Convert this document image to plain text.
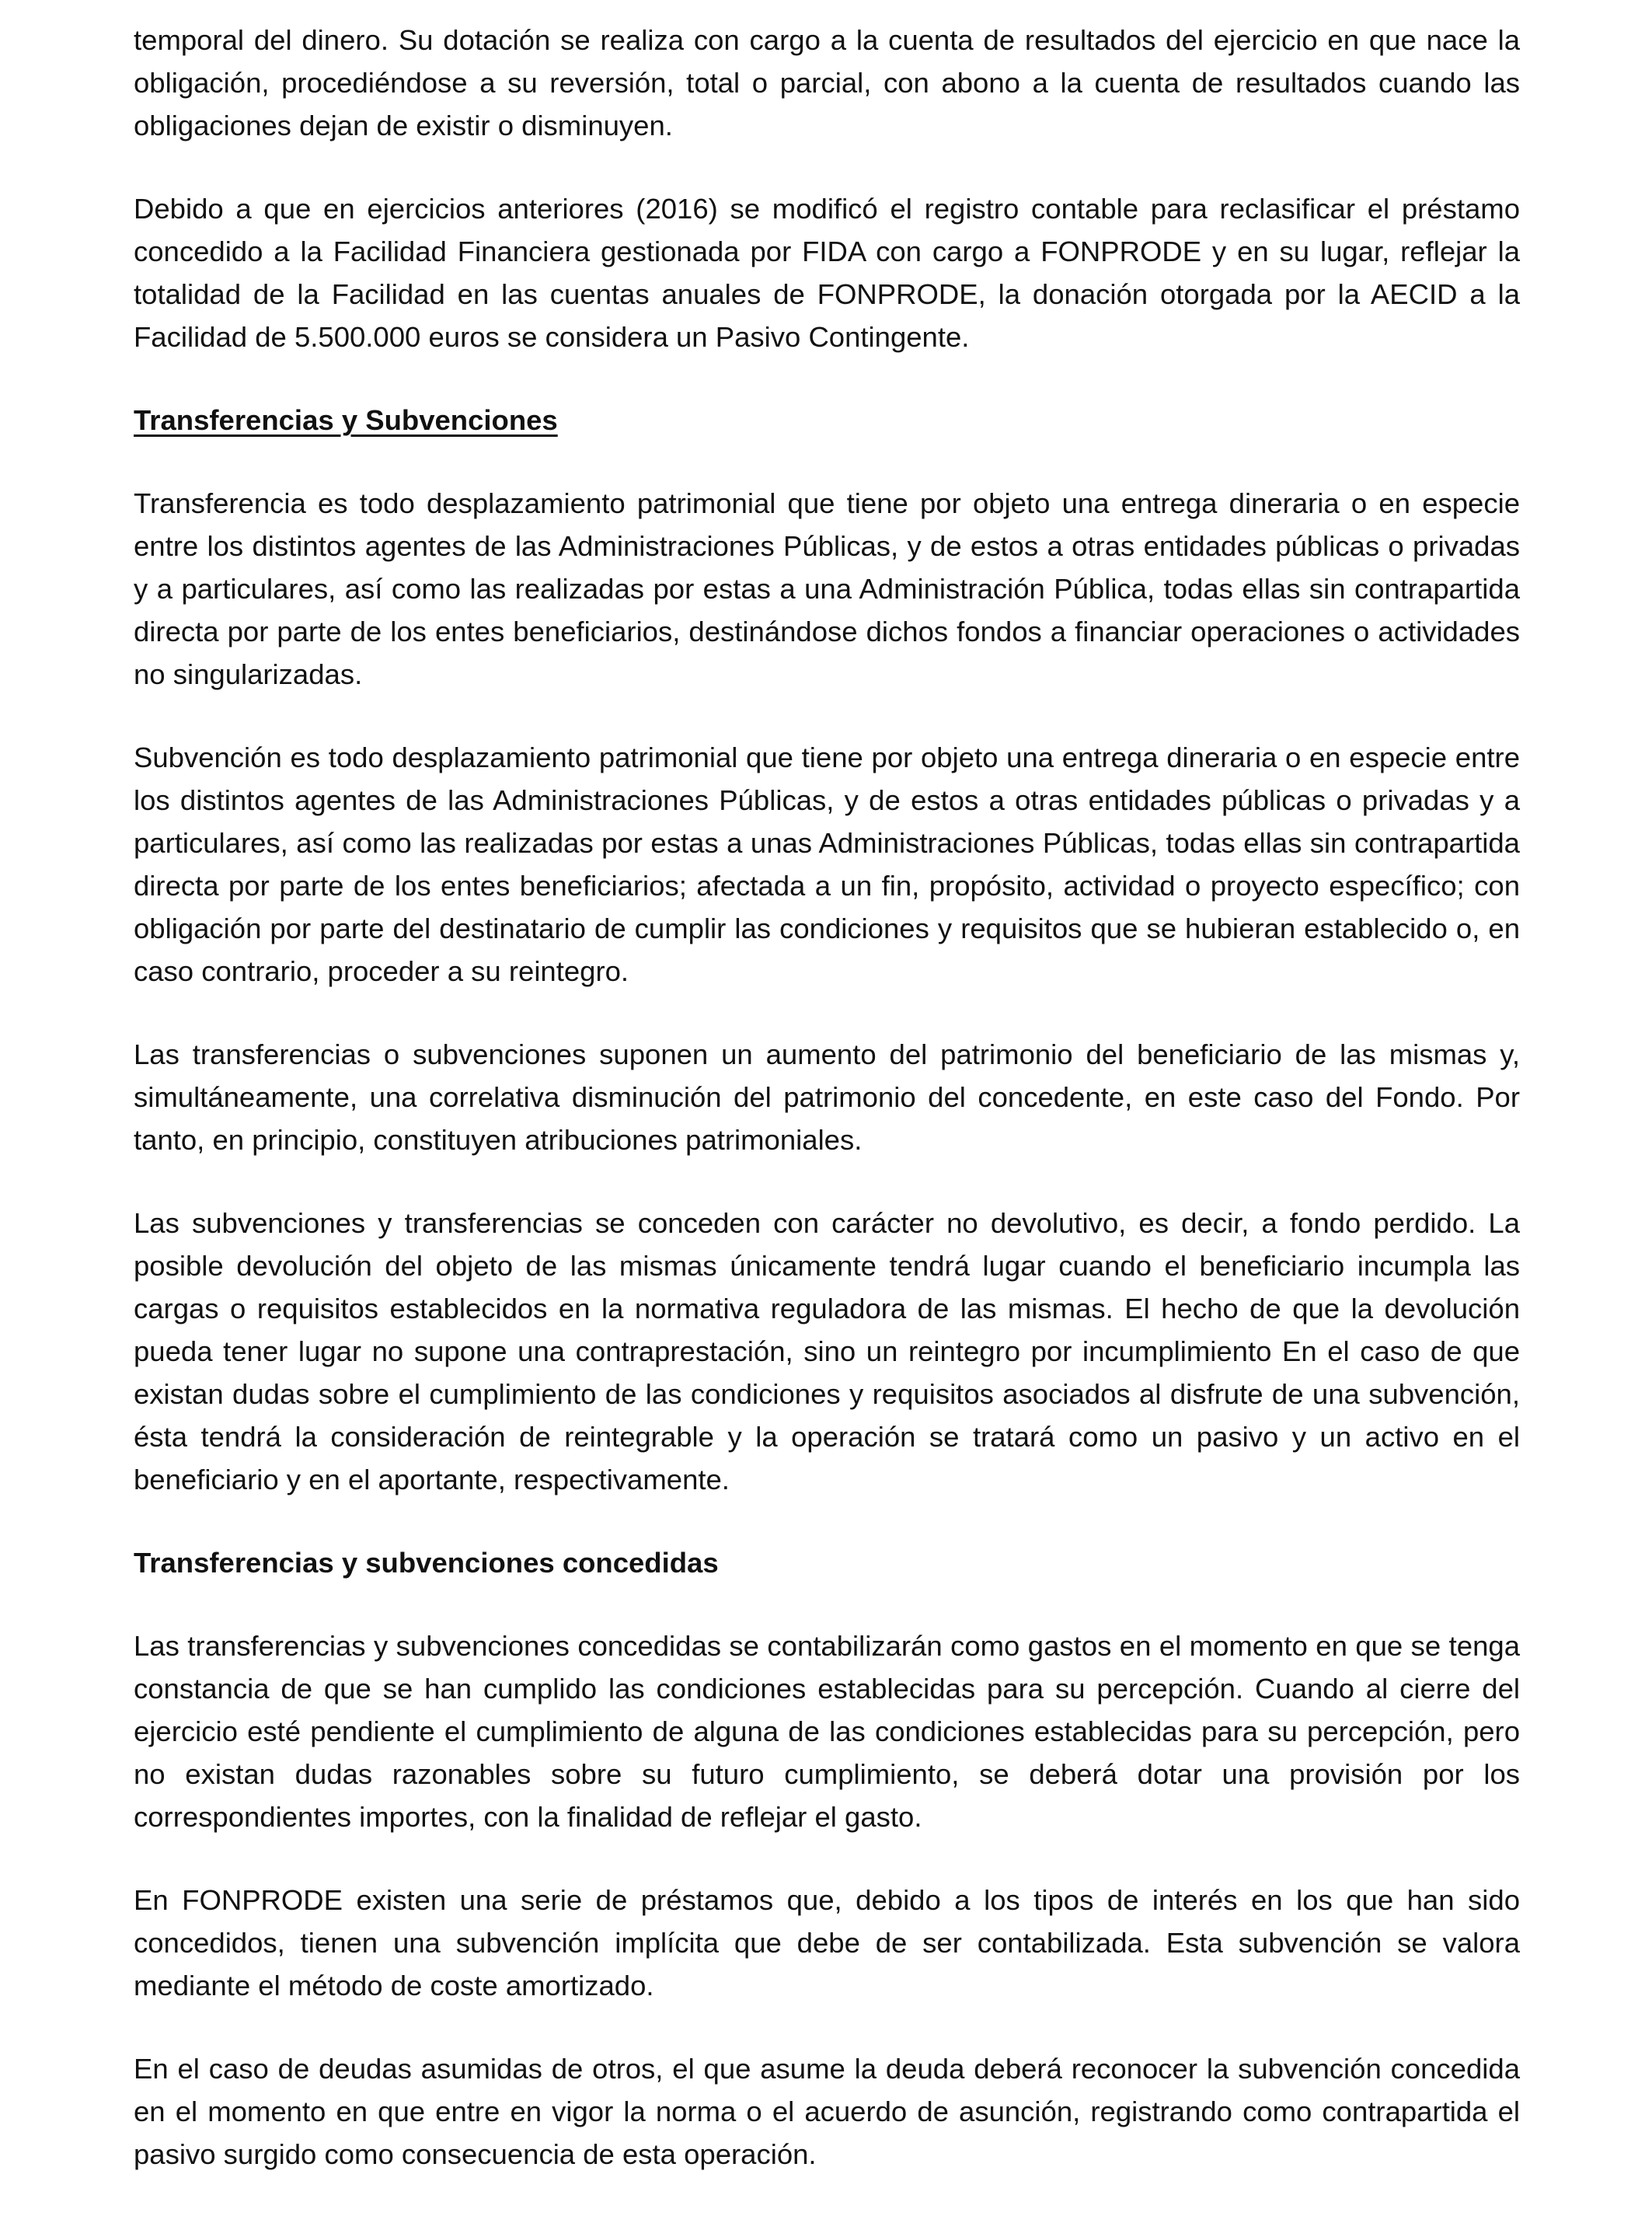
temporal del dinero. Su dotación se realiza con cargo a la cuenta de resultados del ejercicio en que nace la obligación, procediéndose a su reversión, total o parcial, con abono a la cuenta de resultados cuando las obligaciones dejan de existir o disminuyen.

Debido a que en ejercicios anteriores (2016) se modificó el registro contable para reclasificar el préstamo concedido a la Facilidad Financiera gestionada por FIDA con cargo a FONPRODE y en su lugar, reflejar la totalidad de la Facilidad en las cuentas anuales de FONPRODE, la donación otorgada por la AECID a la Facilidad de 5.500.000 euros se considera un Pasivo Contingente.

Transferencias y Subvenciones

Transferencia es todo desplazamiento patrimonial que tiene por objeto una entrega dineraria o en especie entre los distintos agentes de las Administraciones Públicas, y de estos a otras entidades públicas o privadas y a particulares, así como las realizadas por estas a una Administración Pública, todas ellas sin contrapartida directa por parte de los entes beneficiarios, destinándose dichos fondos a financiar operaciones o actividades no singularizadas.

Subvención es todo desplazamiento patrimonial que tiene por objeto una entrega dineraria o en especie entre los distintos agentes de las Administraciones Públicas, y de estos a otras entidades públicas o privadas y a particulares, así como las realizadas por estas a unas Administraciones Públicas, todas ellas sin contrapartida directa por parte de los entes beneficiarios; afectada a un fin, propósito, actividad o proyecto específico; con obligación por parte del destinatario de cumplir las condiciones y requisitos que se hubieran establecido o, en caso contrario, proceder a su reintegro.

Las transferencias o subvenciones suponen un aumento del patrimonio del beneficiario de las mismas y, simultáneamente, una correlativa disminución del patrimonio del concedente, en este caso del Fondo. Por tanto, en principio, constituyen atribuciones patrimoniales.

Las subvenciones y transferencias se conceden con carácter no devolutivo, es decir, a fondo perdido. La posible devolución del objeto de las mismas únicamente tendrá lugar cuando el beneficiario incumpla las cargas o requisitos establecidos en la normativa reguladora de las mismas. El hecho de que la devolución pueda tener lugar no supone una contraprestación, sino un reintegro por incumplimiento En el caso de que existan dudas sobre el cumplimiento de las condiciones y requisitos asociados al disfrute de una subvención, ésta tendrá la consideración de reintegrable y la operación se tratará como un pasivo y un activo en el beneficiario y en el aportante, respectivamente.

Transferencias y subvenciones concedidas

Las transferencias y subvenciones concedidas se contabilizarán como gastos en el momento en que se tenga constancia de que se han cumplido las condiciones establecidas para su percepción. Cuando al cierre del ejercicio esté pendiente el cumplimiento de alguna de las condiciones establecidas para su percepción, pero no existan dudas razonables sobre su futuro cumplimiento, se deberá dotar una provisión por los correspondientes importes, con la finalidad de reflejar el gasto.

En FONPRODE existen una serie de préstamos que, debido a los tipos de interés en los que han sido concedidos, tienen una subvención implícita que debe de ser contabilizada. Esta subvención se valora mediante el método de coste amortizado.

En el caso de deudas asumidas de otros, el que asume la deuda deberá reconocer la subvención concedida en el momento en que entre en vigor la norma o el acuerdo de asunción, registrando como contrapartida el pasivo surgido como consecuencia de esta operación.
